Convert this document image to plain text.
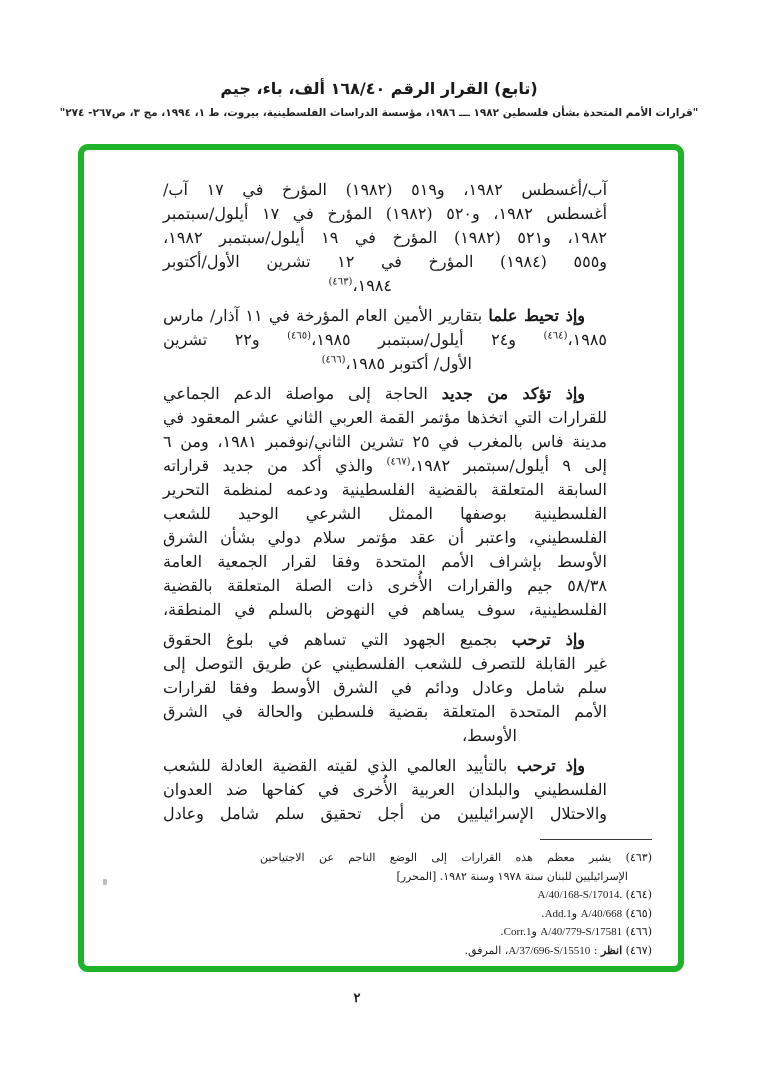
(تابع) القرار الرقم ١٦٨/٤٠ ألف، باء، جيم
"قرارات الأمم المتحدة بشأن فلسطين ١٩٨٢ ـــ ١٩٨٦، مؤسسة الدراسات الفلسطينية، بيروت، ط ١، ١٩٩٤، مج ٣، ص٢٦٧- ٢٧٤"
آب/أغسطس ١٩٨٢، و٥١٩ (١٩٨٢) المؤرخ في ١٧ آب/
أغسطس ١٩٨٢، و٥٢٠ (١٩٨٢) المؤرخ في ١٧ أيلول/سبتمبر
١٩٨٢، و٥٢١ (١٩٨٢) المؤرخ في ١٩ أيلول/سبتمبر ١٩٨٢،
و٥٥٥ (١٩٨٤) المؤرخ في ١٢ تشرين الأول/أكتوبر
١٩٨٤،$^{(٤٦٣)}$
وإذ تحيط علما بتقارير الأمين العام المؤرخة في ١١ آذار/ مارس
١٩٨٥،$^{(٤٦٤)}$ و٢٤ أيلول/سبتمبر ١٩٨٥،$^{(٤٦٥)}$ و٢٢ تشرين
الأول/ أكتوبر ١٩٨٥،$^{(٤٦٦)}$
وإذ تؤكد من جديد الحاجة إلى مواصلة الدعم الجماعي
للقرارات التي اتخذها مؤتمر القمة العربي الثاني عشر المعقود في
مدينة فاس بالمغرب في ٢٥ تشرين الثاني/نوفمبر ١٩٨١، ومن ٦
إلى ٩ أيلول/سبتمبر ١٩٨٢،$^{(٤٦٧)}$ والذي أكد من جديد قراراته
السابقة المتعلقة بالقضية الفلسطينية ودعمه لمنظمة التحرير
الفلسطينية بوصفها الممثل الشرعي الوحيد للشعب
الفلسطيني، واعتبر أن عقد مؤتمر سلام دولي بشأن الشرق
الأوسط بإشراف الأمم المتحدة وفقا لقرار الجمعية العامة
٥٨/٣٨ جيم والقرارات الأُخرى ذات الصلة المتعلقة بالقضية
الفلسطينية، سوف يساهم في النهوض بالسلم في المنطقة،
وإذ ترحب بجميع الجهود التي تساهم في بلوغ الحقوق
غير القابلة للتصرف للشعب الفلسطيني عن طريق التوصل إلى
سلم شامل وعادل ودائم في الشرق الأوسط وفقا لقرارات
الأمم المتحدة المتعلقة بقضية فلسطين والحالة في الشرق
الأوسط،
وإذ ترحب بالتأييد العالمي الذي لقيته القضية العادلة للشعب
الفلسطيني والبلدان العربية الأُخرى في كفاحها ضد العدوان
والاحتلال الإسرائيليين من أجل تحقيق سلم شامل وعادل
(٤٦٣) يشير معظم هذه القرارات إلى الوضع الناجم عن الاجتياحين
الإسرائيليين للبنان سنة ١٩٧٨ وسنة ١٩٨٢. [المحرر]
(٤٦٤) A/40/168-S/17014.
(٤٦٥) A/40/668 وAdd.1.
(٤٦٦) A/40/779-S/17581 وCorr.1.
(٤٦٧) انظر : A/37/696-S/15510، المرفق.
٢
